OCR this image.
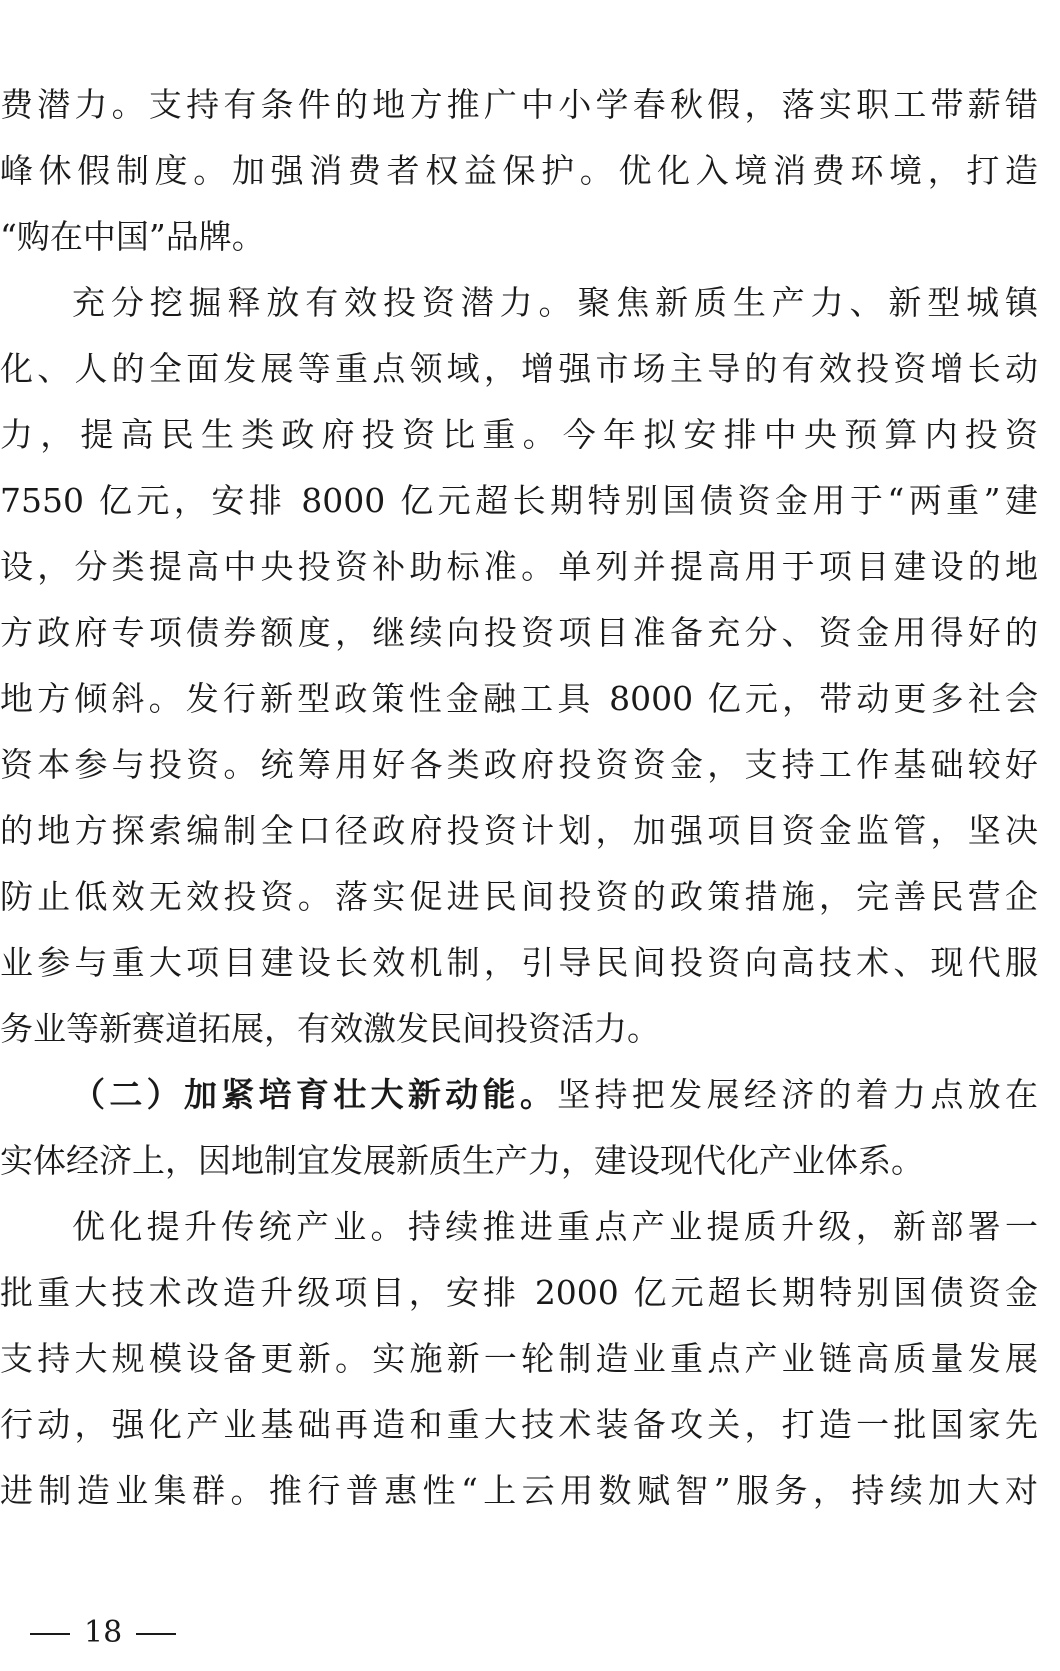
费潜力。支持有条件的地方推广中小学春秋假，落实职工带薪错
峰休假制度。加强消费者权益保护。优化入境消费环境，打造
“购在中国”品牌。
充分挖掘释放有效投资潜力。聚焦新质生产力、新型城镇
化、人的全面发展等重点领域，增强市场主导的有效投资增长动
力，提高民生类政府投资比重。今年拟安排中央预算内投资
7550 亿元，安排 8000 亿元超长期特别国债资金用于“两重”建
设，分类提高中央投资补助标准。单列并提高用于项目建设的地
方政府专项债券额度，继续向投资项目准备充分、资金用得好的
地方倾斜。发行新型政策性金融工具 8000 亿元，带动更多社会
资本参与投资。统筹用好各类政府投资资金，支持工作基础较好
的地方探索编制全口径政府投资计划，加强项目资金监管，坚决
防止低效无效投资。落实促进民间投资的政策措施，完善民营企
业参与重大项目建设长效机制，引导民间投资向高技术、现代服
务业等新赛道拓展，有效激发民间投资活力。
（二）加紧培育壮大新动能。坚持把发展经济的着力点放在
实体经济上，因地制宜发展新质生产力，建设现代化产业体系。
优化提升传统产业。持续推进重点产业提质升级，新部署一
批重大技术改造升级项目，安排 2000 亿元超长期特别国债资金
支持大规模设备更新。实施新一轮制造业重点产业链高质量发展
行动，强化产业基础再造和重大技术装备攻关，打造一批国家先
进制造业集群。推行普惠性“上云用数赋智”服务，持续加大对
18
